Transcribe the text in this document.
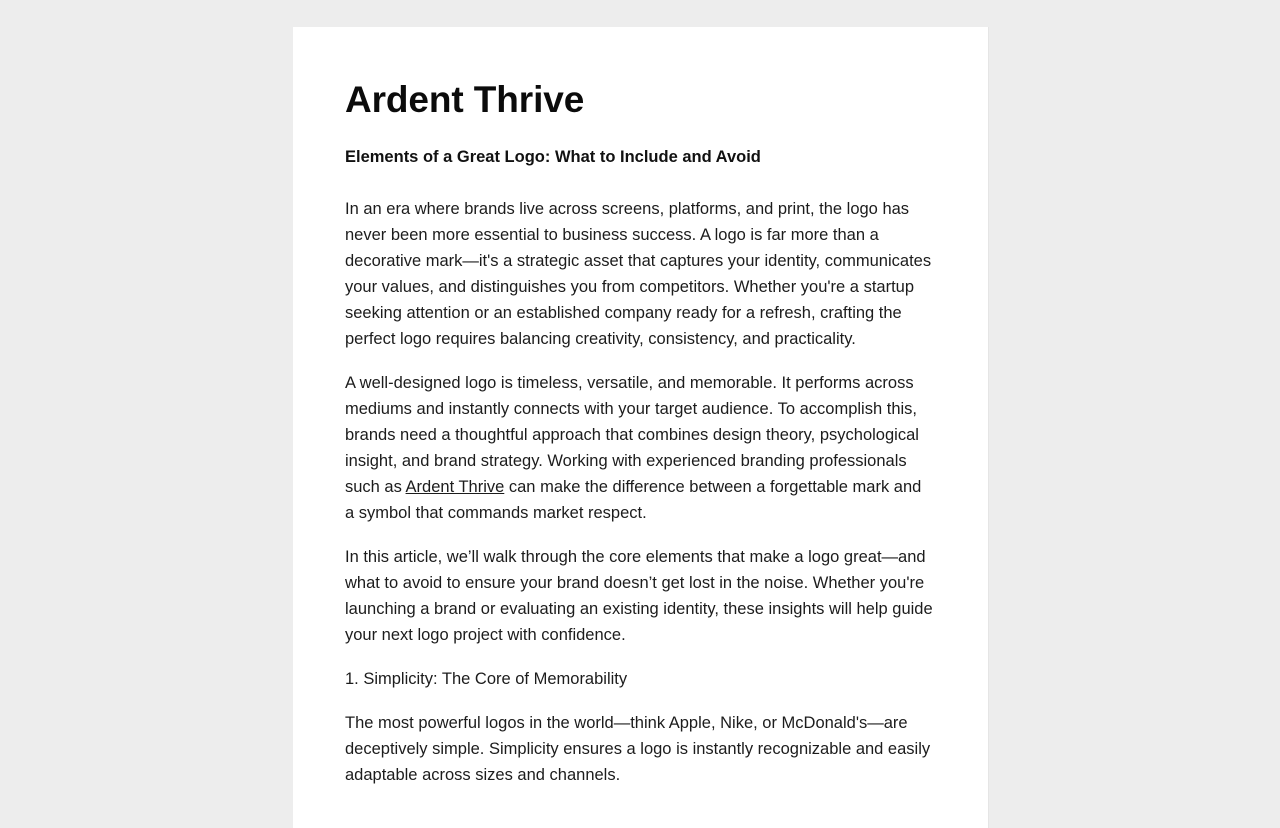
Ardent Thrive
Elements of a Great Logo: What to Include and Avoid

In an era where brands live across screens, platforms, and print, the logo has never been more essential to business success. A logo is far more than a decorative mark—it's a strategic asset that captures your identity, communicates your values, and distinguishes you from competitors. Whether you're a startup seeking attention or an established company ready for a refresh, crafting the perfect logo requires balancing creativity, consistency, and practicality.

A well-designed logo is timeless, versatile, and memorable. It performs across mediums and instantly connects with your target audience. To accomplish this, brands need a thoughtful approach that combines design theory, psychological insight, and brand strategy. Working with experienced branding professionals such as Ardent Thrive can make the difference between a forgettable mark and a symbol that commands market respect.

In this article, we’ll walk through the core elements that make a logo great—and what to avoid to ensure your brand doesn’t get lost in the noise. Whether you're launching a brand or evaluating an existing identity, these insights will help guide your next logo project with confidence.

1. Simplicity: The Core of Memorability

The most powerful logos in the world—think Apple, Nike, or McDonald's—are deceptively simple. Simplicity ensures a logo is instantly recognizable and easily adaptable across sizes and channels.
